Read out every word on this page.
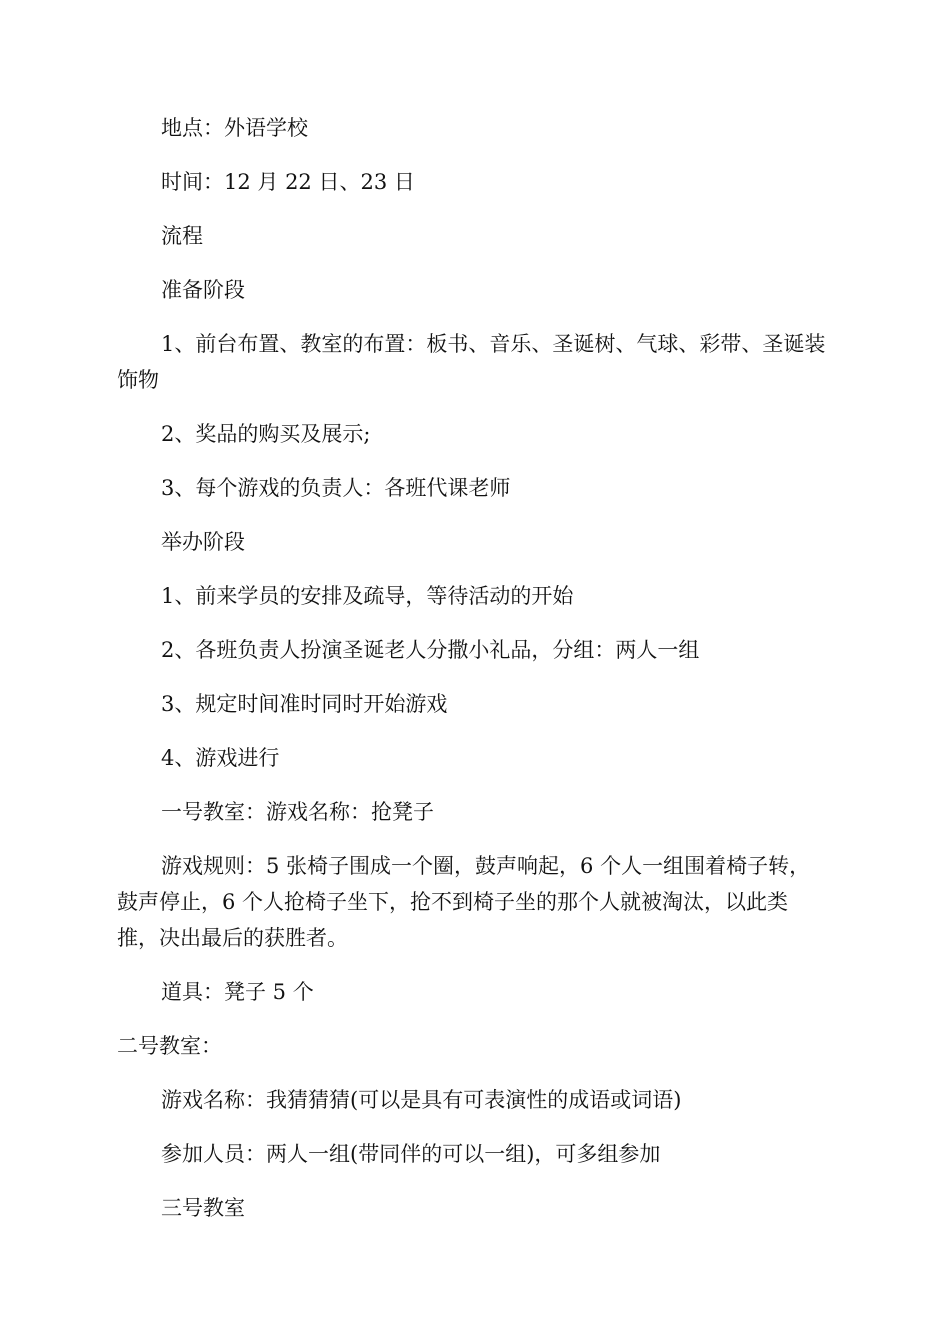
地点：外语学校

时间：12 月 22 日、23 日

流程

准备阶段

1、前台布置、教室的布置：板书、音乐、圣诞树、气球、彩带、圣诞装饰物

2、奖品的购买及展示;

3、每个游戏的负责人：各班代课老师

举办阶段

1、前来学员的安排及疏导，等待活动的开始

2、各班负责人扮演圣诞老人分撒小礼品，分组：两人一组

3、规定时间准时同时开始游戏

4、游戏进行

一号教室：游戏名称：抢凳子

游戏规则：5 张椅子围成一个圈，鼓声响起，6 个人一组围着椅子转，鼓声停止，6 个人抢椅子坐下，抢不到椅子坐的那个人就被淘汰，以此类推，决出最后的获胜者。

道具：凳子 5 个

二号教室：

游戏名称：我猜猜猜(可以是具有可表演性的成语或词语)

参加人员：两人一组(带同伴的可以一组)，可多组参加

三号教室
